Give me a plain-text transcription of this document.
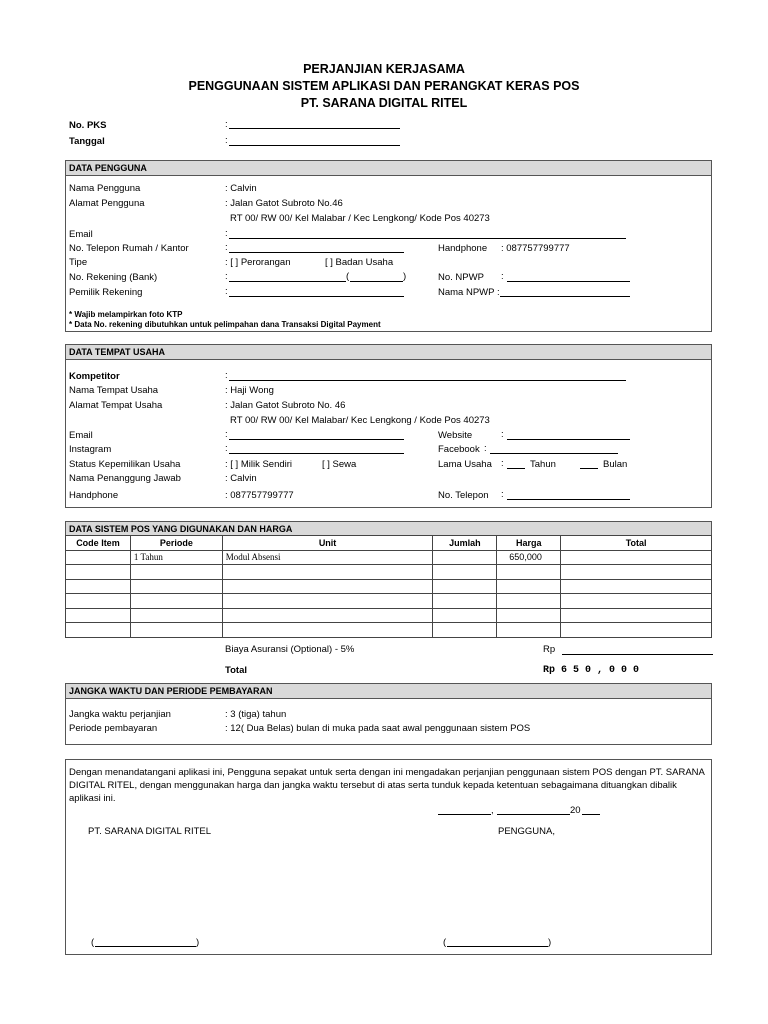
PERJANJIAN KERJASAMA
PENGGUNAAN SISTEM APLIKASI DAN PERANGKAT KERAS POS
PT. SARANA DIGITAL RITEL
No. PKS	:
Tanggal	:
DATA PENGGUNA
Nama Pengguna	: Calvin
Alamat Pengguna	: Jalan Gatot Subroto No.46
RT 00/ RW 00/ Kel Malabar / Kec Lengkong/ Kode Pos 40273
Email	:
No. Telepon Rumah / Kantor	:	Handphone : 087757799777
Tipe	: [ ] Perorangan	[ ] Badan Usaha
No. Rekening (Bank)	:	(	)	No. NPWP :
Pemilik Rekening	:	Nama NPWP :
* Wajib melampirkan foto KTP
* Data No. rekening dibutuhkan untuk pelimpahan dana Transaksi Digital Payment
DATA TEMPAT USAHA
Kompetitor	:
Nama Tempat Usaha	: Haji Wong
Alamat Tempat Usaha	: Jalan Gatot Subroto No. 46
RT 00/ RW 00/ Kel Malabar/ Kec Lengkong / Kode Pos 40273
Email	:	Website	:
Instagram	:	Facebook :
Status Kepemilikan Usaha	: [ ] Milik Sendiri	[ ] Sewa	Lama Usaha :	Tahun	Bulan
Nama Penanggung Jawab	: Calvin
Handphone	: 087757799777	No. Telepon :
DATA SISTEM POS YANG DIGUNAKAN DAN HARGA
Code Item	Periode	Unit	Jumlah	Harga	Total
	1 Tahun	Modul Absensi		650,000	

Biaya Asuransi (Optional) - 5%	Rp
Total	Rp 6 5 0 , 0 0 0
JANGKA WAKTU DAN PERIODE PEMBAYARAN
Jangka waktu perjanjian	: 3 (tiga) tahun
Periode pembayaran	: 12( Dua Belas) bulan di muka pada saat awal penggunaan sistem POS
Dengan menandatangani aplikasi ini, Pengguna sepakat untuk serta dengan ini mengadakan perjanjian penggunaan sistem POS dengan PT. SARANA
DIGITAL RITEL, dengan menggunakan harga dan jangka waktu tersebut di atas serta tunduk kepada ketentuan sebagaimana dituangkan dibalik
aplikasi ini.
,	20
PT. SARANA DIGITAL RITEL	PENGGUNA,
(	)	(	)
